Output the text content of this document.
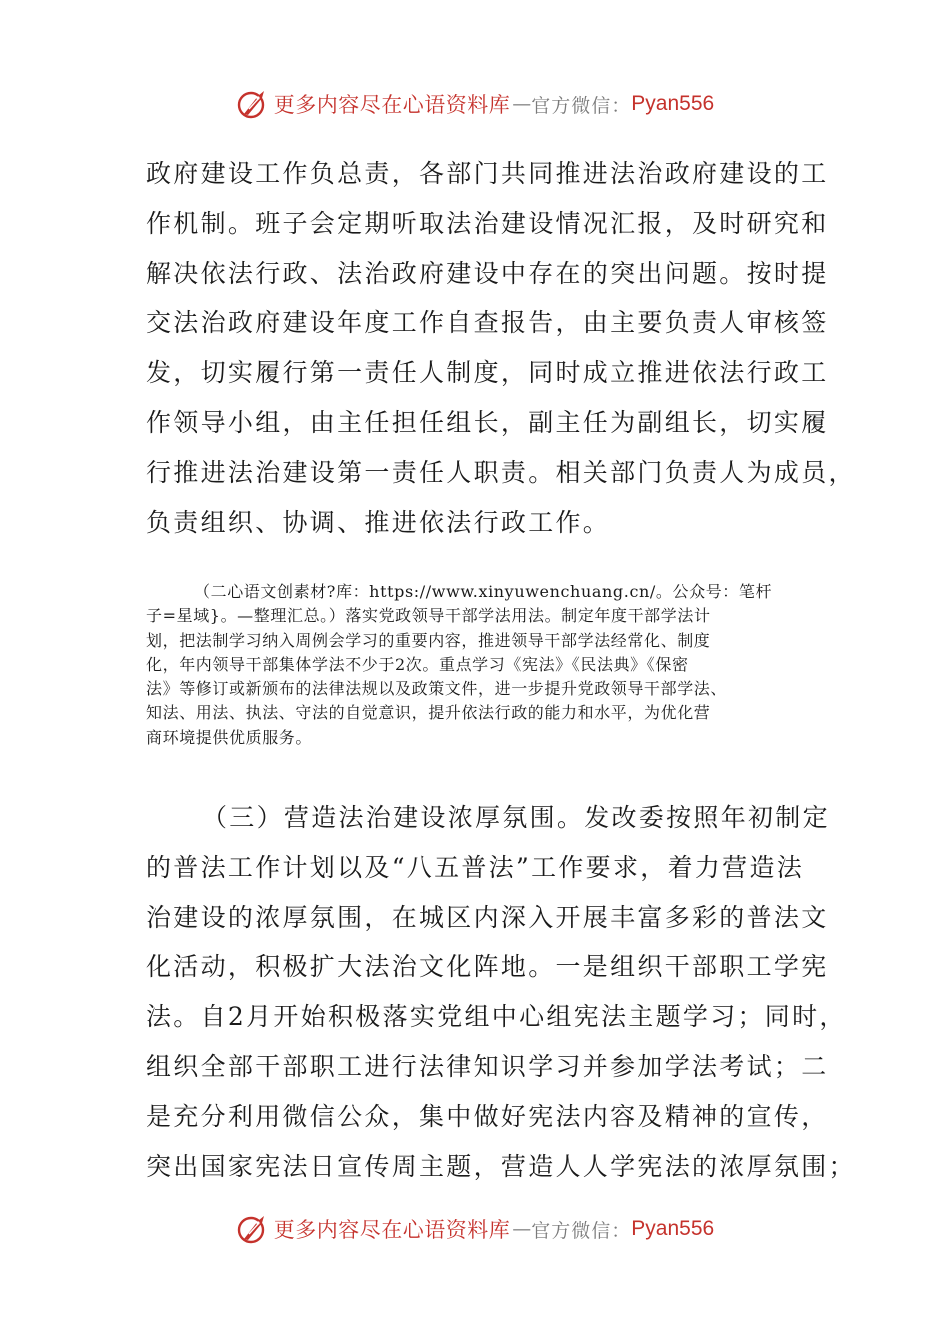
更多内容尽在心语资料库 — 官方微信： Pyan556
政府建设工作负总责，各部门共同推进法治政府建设的工
作机制。班子会定期听取法治建设情况汇报，及时研究和
解决依法行政、法治政府建设中存在的突出问题。按时提
交法治政府建设年度工作自查报告，由主要负责人审核签
发，切实履行第一责任人制度，同时成立推进依法行政工
作领导小组，由主任担任组长，副主任为副组长，切实履
行推进法治建设第一责任人职责。相关部门负责人为成员，
负责组织、协调、推进依法行政工作。
（二心语文创素材?库：https://www.xinyuwenchuang.cn/。公众号：笔杆
子=星域}。—整理汇总。）落实党政领导干部学法用法。制定年度干部学法计
划，把法制学习纳入周例会学习的重要内容，推进领导干部学法经常化、制度
化，年内领导干部集体学法不少于2次。重点学习《宪法》《民法典》《保密
法》等修订或新颁布的法律法规以及政策文件，进一步提升党政领导干部学法、
知法、用法、执法、守法的自觉意识，提升依法行政的能力和水平，为优化营
商环境提供优质服务。
（三）营造法治建设浓厚氛围。发改委按照年初制定
的普法工作计划以及“八五普法”工作要求，着力营造法
治建设的浓厚氛围，在城区内深入开展丰富多彩的普法文
化活动，积极扩大法治文化阵地。一是组织干部职工学宪
法。自2月开始积极落实党组中心组宪法主题学习；同时，
组织全部干部职工进行法律知识学习并参加学法考试；二
是充分利用微信公众，集中做好宪法内容及精神的宣传，
突出国家宪法日宣传周主题，营造人人学宪法的浓厚氛围；
更多内容尽在心语资料库 — 官方微信： Pyan556
